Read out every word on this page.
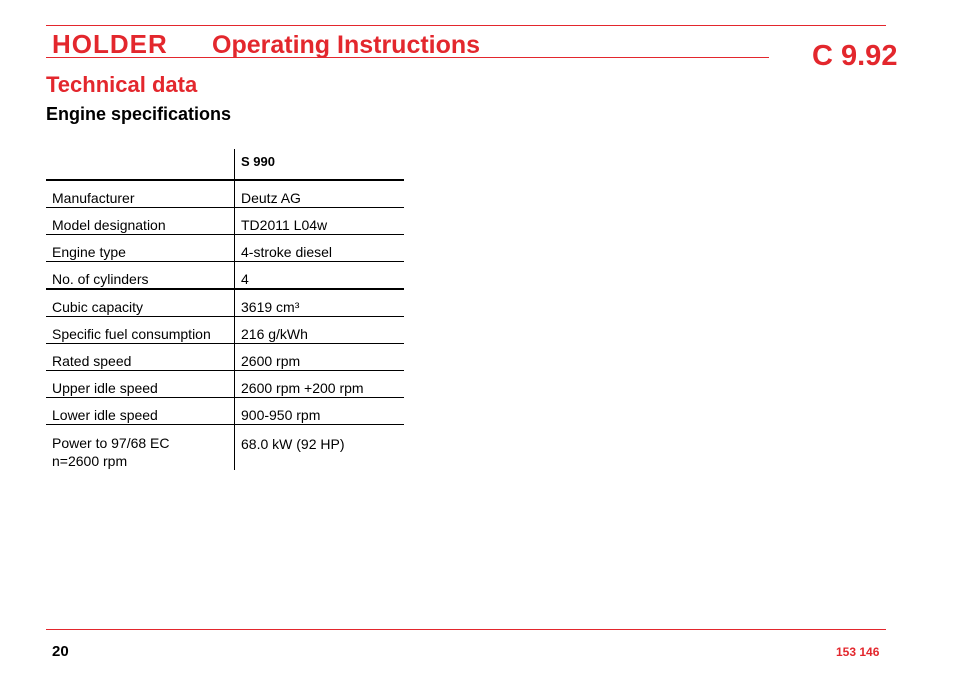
HOLDER Operating Instructions	C 9.92
Technical data
Engine specifications
	S 990
Manufacturer	Deutz AG
Model designation	TD2011 L04w
Engine type	4-stroke diesel
No. of cylinders	4
Cubic capacity	3619 cm³
Specific fuel consumption	216 g/kWh
Rated speed	2600 rpm
Upper idle speed	2600 rpm +200 rpm
Lower idle speed	900-950 rpm

Power to 97/68 EC
n=2600 rpm	68.0 kW (92 HP)
20	153 146
